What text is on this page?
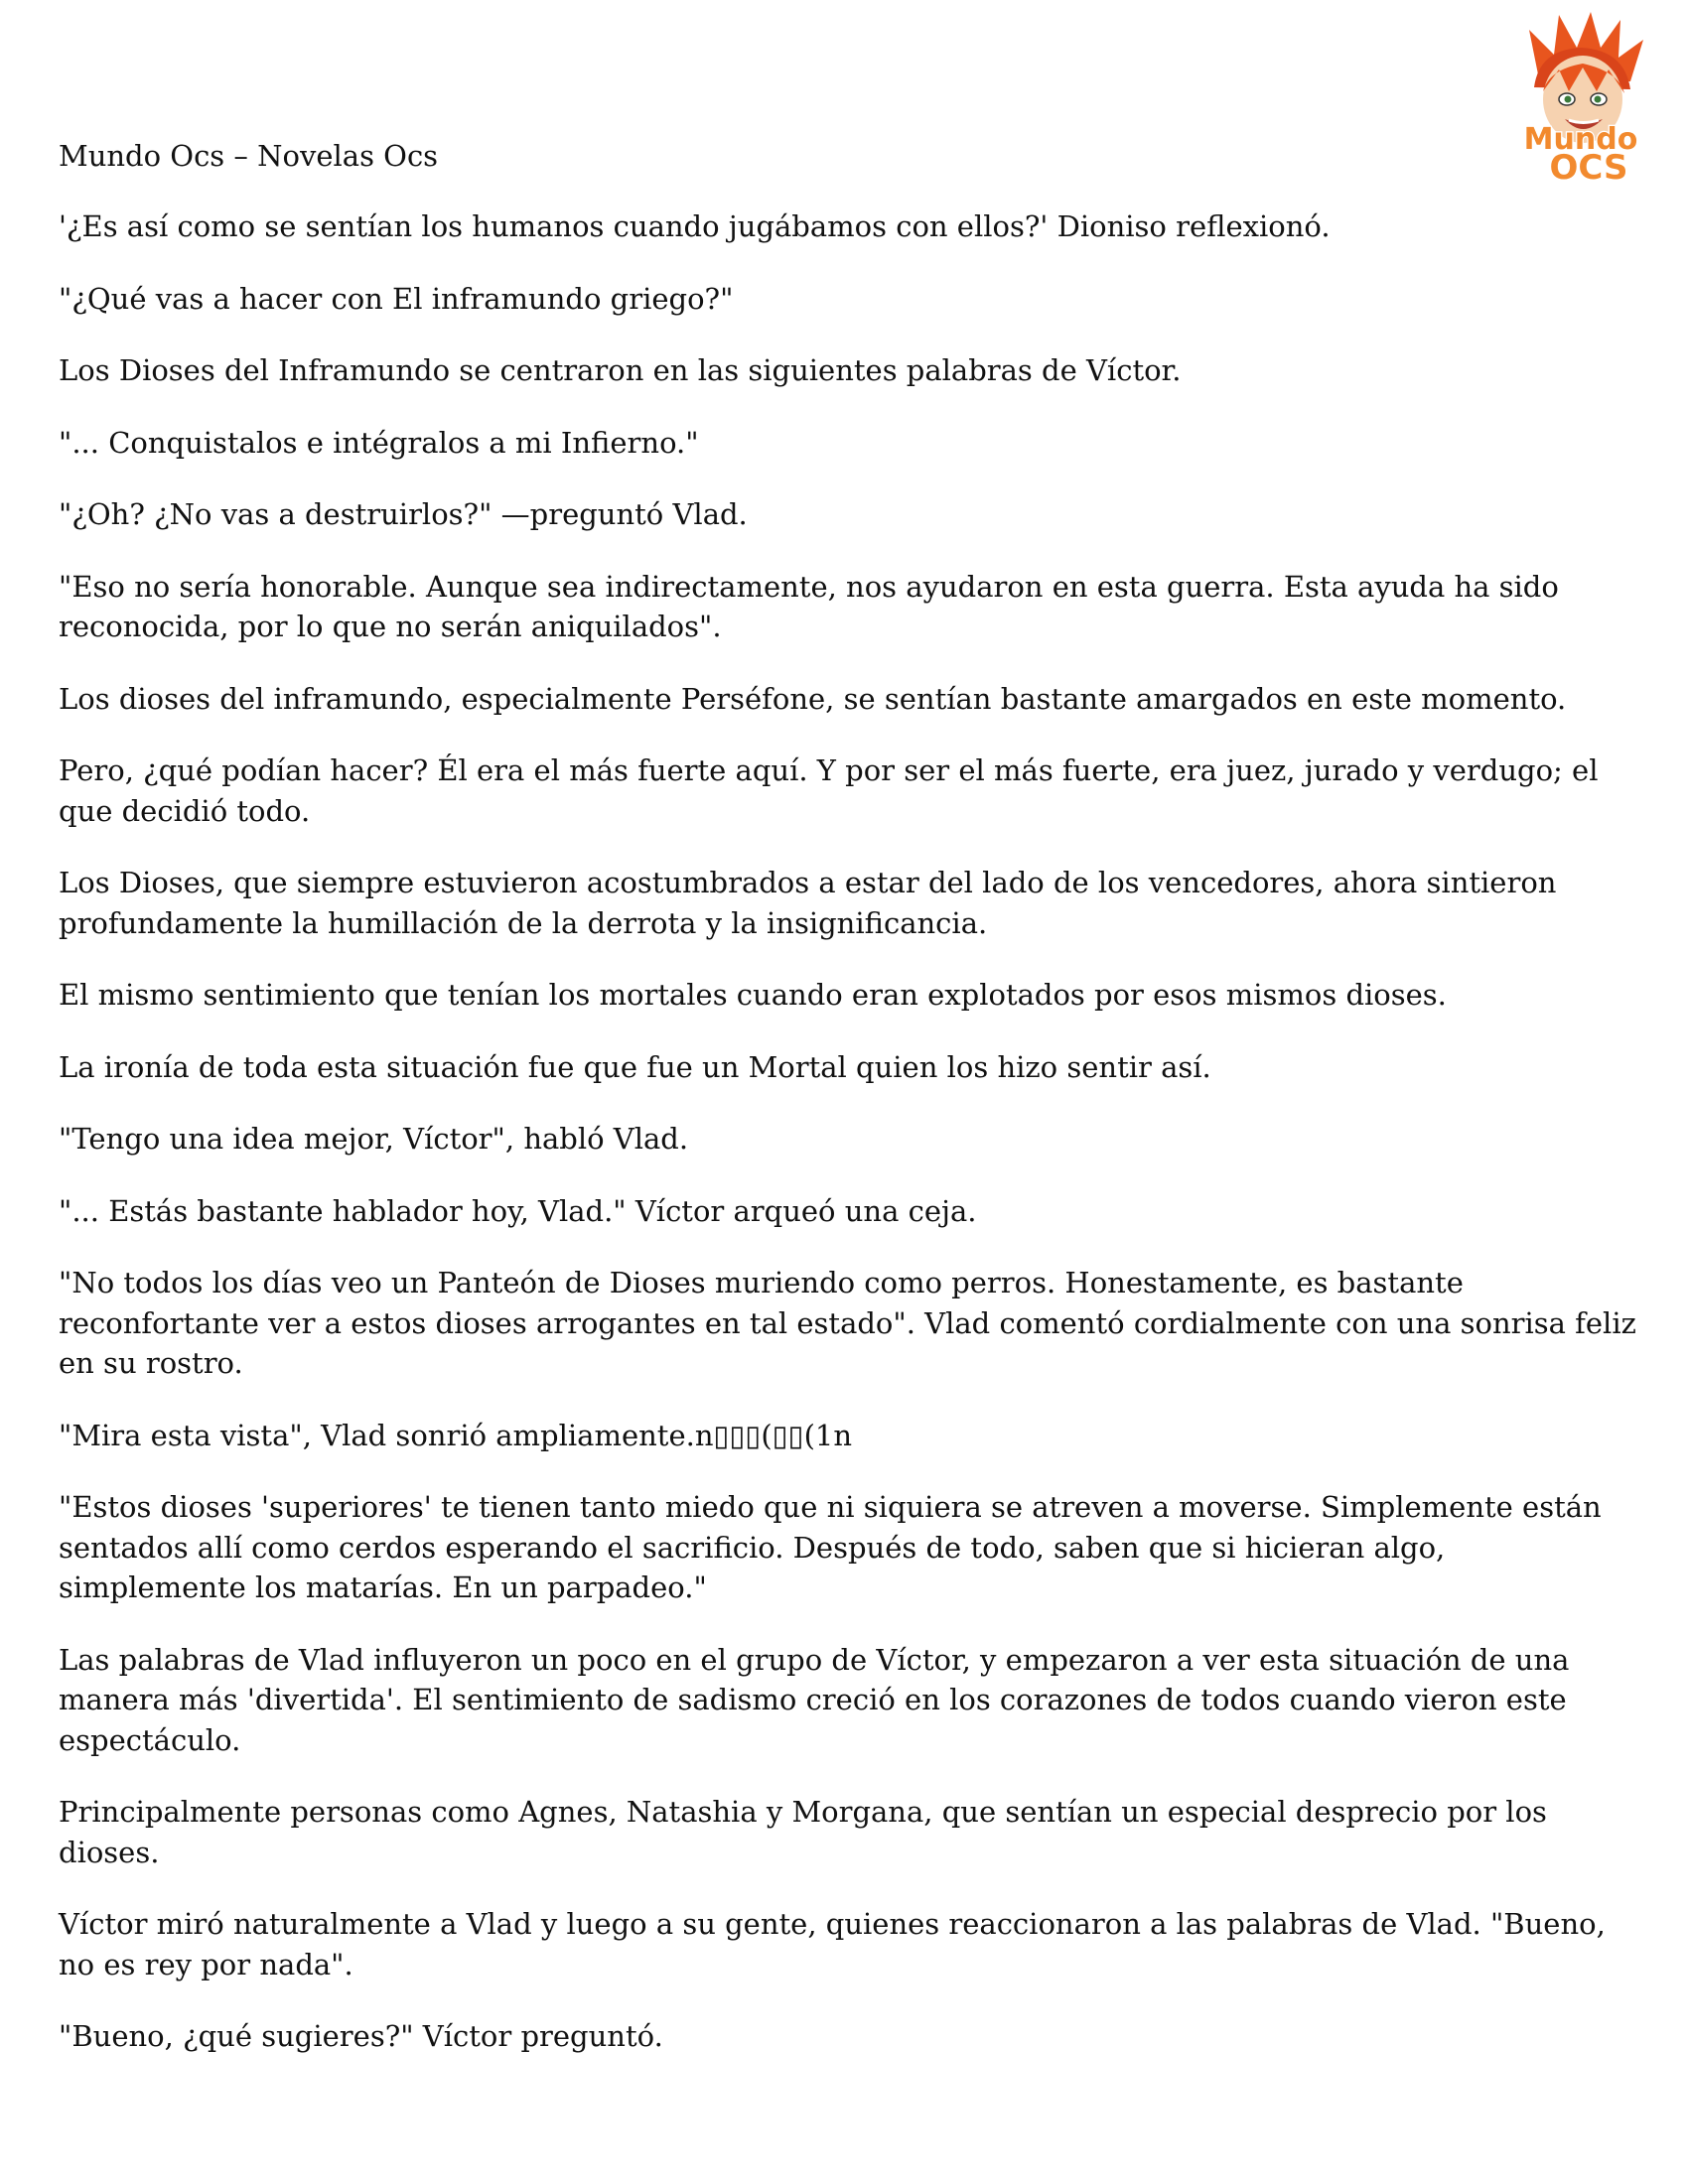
Mundo
OCS
Mundo Ocs – Novelas Ocs

'¿Es así como se sentían los humanos cuando jugábamos con ellos?' Dioniso reflexionó.

"¿Qué vas a hacer con El inframundo griego?"

Los Dioses del Inframundo se centraron en las siguientes palabras de Víctor.

"... Conquistalos e intégralos a mi Infierno."

"¿Oh? ¿No vas a destruirlos?" —preguntó Vlad.

"Eso no sería honorable. Aunque sea indirectamente, nos ayudaron en esta guerra. Esta ayuda ha sido reconocida, por lo que no serán aniquilados".

Los dioses del inframundo, especialmente Perséfone, se sentían bastante amargados en este momento.

Pero, ¿qué podían hacer? Él era el más fuerte aquí. Y por ser el más fuerte, era juez, jurado y verdugo; el que decidió todo.

Los Dioses, que siempre estuvieron acostumbrados a estar del lado de los vencedores, ahora sintieron profundamente la humillación de la derrota y la insignificancia.

El mismo sentimiento que tenían los mortales cuando eran explotados por esos mismos dioses.

La ironía de toda esta situación fue que fue un Mortal quien los hizo sentir así.

"Tengo una idea mejor, Víctor", habló Vlad.

"... Estás bastante hablador hoy, Vlad." Víctor arqueó una ceja.

"No todos los días veo un Panteón de Dioses muriendo como perros. Honestamente, es bastante reconfortante ver a estos dioses arrogantes en tal estado". Vlad comentó cordialmente con una sonrisa feliz en su rostro.

"Mira esta vista", Vlad sonrió ampliamente.n▯▯▯(▯▯(1n

"Estos dioses 'superiores' te tienen tanto miedo que ni siquiera se atreven a moverse. Simplemente están sentados allí como cerdos esperando el sacrificio. Después de todo, saben que si hicieran algo, simplemente los matarías. En un parpadeo."

Las palabras de Vlad influyeron un poco en el grupo de Víctor, y empezaron a ver esta situación de una manera más 'divertida'. El sentimiento de sadismo creció en los corazones de todos cuando vieron este espectáculo.

Principalmente personas como Agnes, Natashia y Morgana, que sentían un especial desprecio por los dioses.

Víctor miró naturalmente a Vlad y luego a su gente, quienes reaccionaron a las palabras de Vlad. "Bueno, no es rey por nada".

"Bueno, ¿qué sugieres?" Víctor preguntó.
